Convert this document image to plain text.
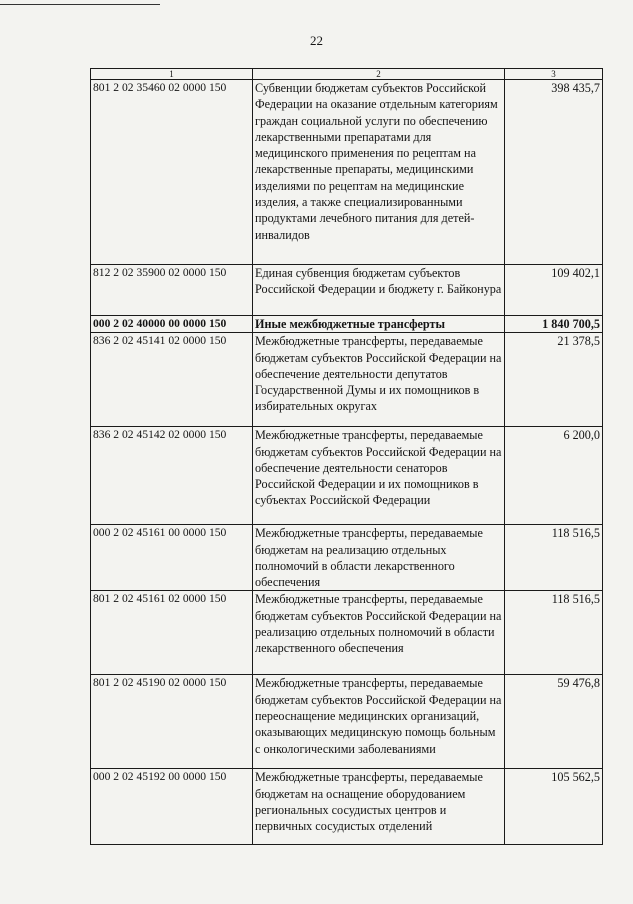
22
1	2	3
801 2 02 35460 02 0000 150	Субвенции бюджетам субъектов Российской Федерации на оказание отдельным категориям граждан социальной услуги по обеспечению лекарственными препаратами для медицинского применения по рецептам на лекарственные препараты, медицинскими изделиями по рецептам на медицинские изделия, а также специализированными продуктами лечебного питания для детей-инвалидов	398 435,7
812 2 02 35900 02 0000 150	Единая субвенция бюджетам субъектов Российской Федерации и бюджету г. Байконура	109 402,1
000 2 02 40000 00 0000 150	Иные межбюджетные трансферты	1 840 700,5
836 2 02 45141 02 0000 150	Межбюджетные трансферты, передаваемые бюджетам субъектов Российской Федерации на обеспечение деятельности депутатов Государственной Думы и их помощников в избирательных округах	21 378,5
836 2 02 45142 02 0000 150	Межбюджетные трансферты, передаваемые бюджетам субъектов Российской Федерации на обеспечение деятельности сенаторов Российской Федерации и их помощников в субъектах Российской Федерации	6 200,0
000 2 02 45161 00 0000 150	Межбюджетные трансферты, передаваемые бюджетам на реализацию отдельных полномочий в области лекарственного обеспечения	118 516,5
801 2 02 45161 02 0000 150	Межбюджетные трансферты, передаваемые бюджетам субъектов Российской Федерации на реализацию отдельных полномочий в области лекарственного обеспечения	118 516,5
801 2 02 45190 02 0000 150	Межбюджетные трансферты, передаваемые бюджетам субъектов Российской Федерации на переоснащение медицинских организаций, оказывающих медицинскую помощь больным с онкологическими заболеваниями	59 476,8
000 2 02 45192 00 0000 150	Межбюджетные трансферты, передаваемые бюджетам на оснащение оборудованием региональных сосудистых центров и первичных сосудистых отделений	105 562,5
